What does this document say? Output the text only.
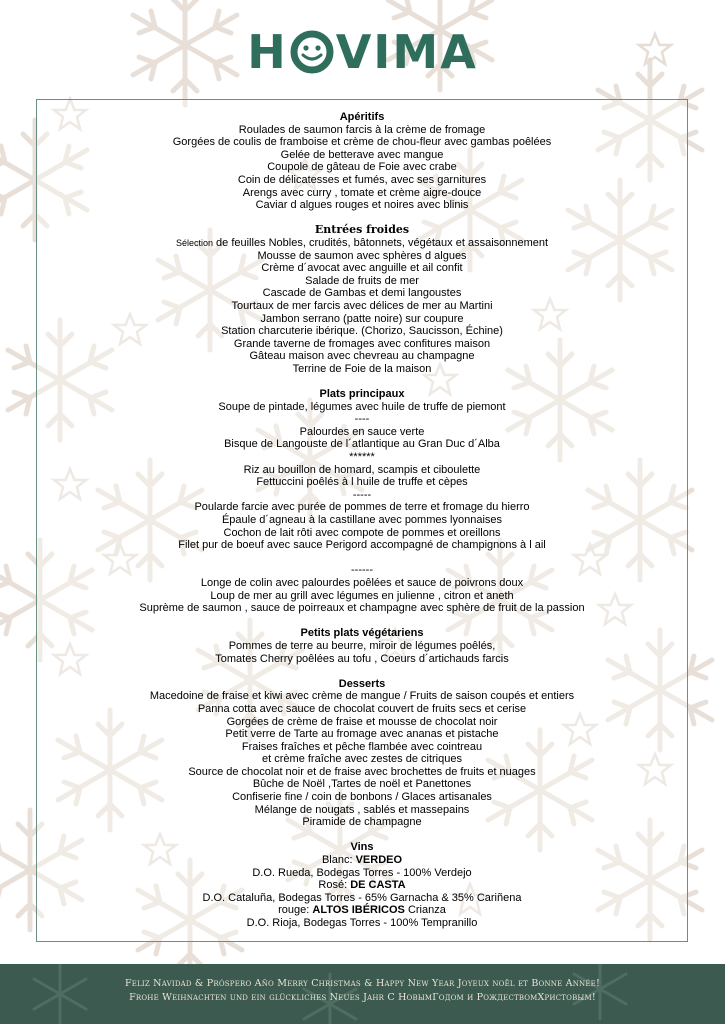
H VIMA
Apéritifs
Roulades de saumon farcis à la crème de fromage
Gorgées de coulis de framboise et crème de chou-fleur avec gambas poêlées
Gelée de betterave avec mangue
Coupole de gâteau de Foie avec crabe
Coin de délicatesses et fumés, avec ses garnitures
Arengs avec curry , tomate et crème aigre-douce
Caviar d algues rouges et noires avec blinis
Entrées froides
Sélection de feuilles Nobles, crudités, bâtonnets, végétaux et assaisonnement
Mousse de saumon avec sphères d algues
Crème d´avocat avec anguille et ail confit
Salade de fruits de mer
Cascade de Gambas et demi langoustes
Tourtaux de mer farcis avec délices de mer au Martini
Jambon serrano (patte noire) sur coupure
Station charcuterie ibérique. (Chorizo, Saucisson, Échine)
Grande taverne de fromages avec confitures maison
Gâteau maison avec chevreau au champagne
Terrine de Foie de la maison
Plats principaux
Soupe de pintade, légumes avec huile de truffe de piemont
----
Palourdes en sauce verte
Bisque de Langouste de l´atlantique au Gran Duc d´Alba
******
Riz au bouillon de homard, scampis et ciboulette
Fettuccini poêlés à l huile de truffe et cèpes
-----
Poularde farcie avec purée de pommes de terre et fromage du hierro
Épaule d´agneau à la castillane avec pommes lyonnaises
Cochon de lait rôti avec compote de pommes et oreillons
Filet pur de boeuf avec sauce Perigord accompagné de champignons à l ail
------
Longe de colin avec palourdes poêlées et sauce de poivrons doux
Loup de mer au grill avec légumes en julienne , citron et aneth
Suprème de saumon , sauce de poirreaux et champagne avec sphère de fruit de la passion
Petits plats végétariens
Pommes de terre au beurre, miroir de légumes poêlés,
Tomates Cherry poêlées au tofu , Coeurs d´artichauds farcis
Desserts
Macedoine de fraise et kiwi avec crème de mangue / Fruits de saison coupés et entiers
Panna cotta avec sauce de chocolat couvert de fruits secs et cerise
Gorgées de crème de fraise et mousse de chocolat noir
Petit verre de Tarte au fromage avec ananas et pistache
Fraises fraîches et pêche flambée avec cointreau
et crème fraîche avec zestes de citriques
Source de chocolat noir et de fraise avec brochettes de fruits et nuages
Bûche de Noël ,Tartes de noël et Panettones
Confiserie fine / coin de bonbons / Glaces artisanales
Mélange de nougats , sablés et massepains
Piramide de champagne
Vins
Blanc: VERDEO
D.O. Rueda, Bodegas Torres - 100% Verdejo
Rosé: DE CASTA
D.O. Cataluña, Bodegas Torres - 65% Garnacha & 35% Cariñena
rouge: ALTOS IBÉRICOS Crianza
D.O. Rioja, Bodegas Torres - 100% Tempranillo
Feliz Navidad & Próspero Año Merry Christmas & Happy New Year Joyeux noël et Bonne Année!
Frohe Weihnachten und ein glückliches Neues Jahr С НовымГодом и РождествомХристовым!
